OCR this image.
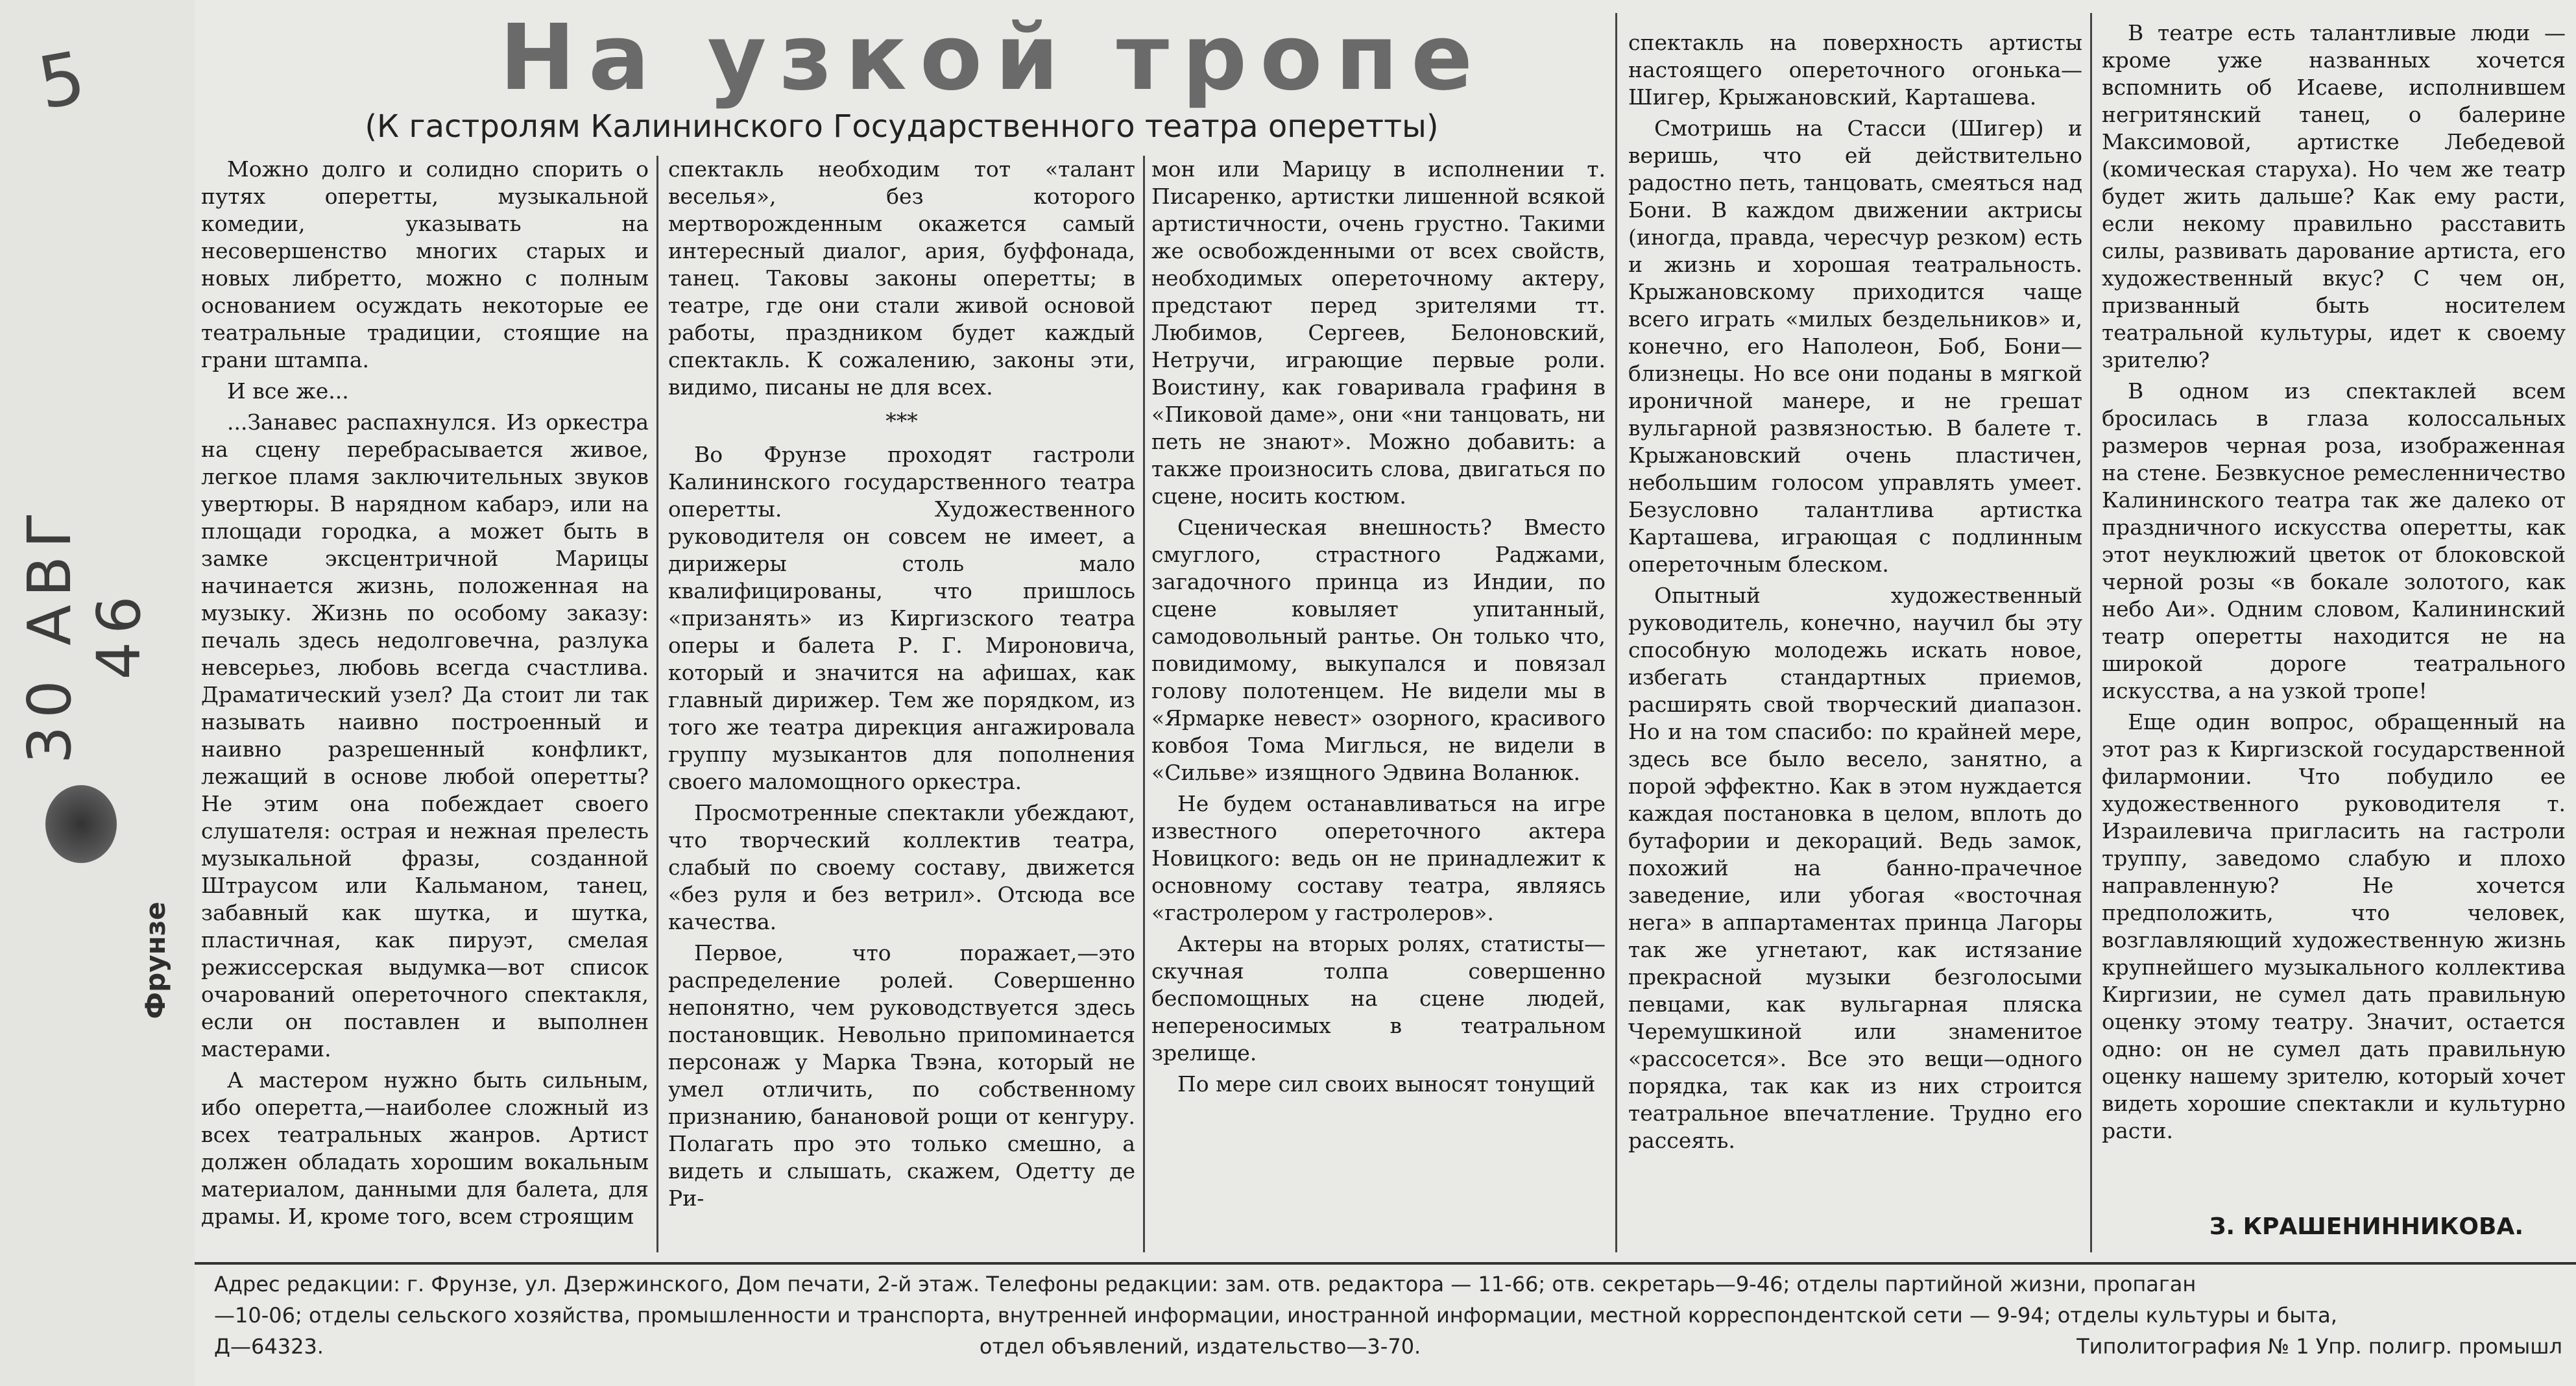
5
30 АВГ 46
Фрунзе
На узкой тропе
(К гастролям Калининского Государственного театра оперетты)

Можно долго и солидно спорить о путях оперетты, музыкальной комедии, указывать на несовершенство многих старых и новых либретто, можно с полным основанием осуждать некоторые ее театральные традиции, стоящие на грани штампа.

И все же...

...Занавес распахнулся. Из оркестра на сцену перебрасывается живое, легкое пламя заключительных звуков увертюры. В нарядном кабарэ, или на площади городка, а может быть в замке эксцентричной Марицы начинается жизнь, положенная на музыку. Жизнь по особому заказу: печаль здесь недолговечна, разлука невсерьез, любовь всегда счастлива. Драматический узел? Да стоит ли так называть наивно построенный и наивно разрешенный конфликт, лежащий в основе любой оперетты? Не этим она побеждает своего слушателя: острая и нежная прелесть музыкальной фразы, созданной Штраусом или Кальманом, танец, забавный как шутка, и шутка, пластичная, как пируэт, смелая режиссерская выдумка—вот список очарований опереточного спектакля, если он поставлен и выполнен мастерами.

А мастером нужно быть сильным, ибо оперетта,—наиболее сложный из всех театральных жанров. Артист должен обладать хорошим вокальным материалом, данными для балета, для драмы. И, кроме того, всем строящим

спектакль необходим тот «талант веселья», без которого мертворожденным окажется самый интересный диалог, ария, буффонада, танец. Таковы законы оперетты; в театре, где они стали живой основой работы, праздником будет каждый спектакль. К сожалению, законы эти, видимо, писаны не для всех.

***

Во Фрунзе проходят гастроли Калининского государственного театра оперетты. Художественного руководителя он совсем не имеет, а дирижеры столь мало квалифицированы, что пришлось «призанять» из Киргизского театра оперы и балета Р. Г. Мироновича, который и значится на афишах, как главный дирижер. Тем же порядком, из того же театра дирекция ангажировала группу музыкантов для пополнения своего маломощного оркестра.

Просмотренные спектакли убеждают, что творческий коллектив театра, слабый по своему составу, движется «без руля и без ветрил». Отсюда все качества.

Первое, что поражает,—это распределение ролей. Совершенно непонятно, чем руководствуется здесь постановщик. Невольно припоминается персонаж у Марка Твэна, который не умел отличить, по собственному признанию, банановой рощи от кенгуру. Полагать про это только смешно, а видеть и слышать, скажем, Одетту де Ри-

мон или Марицу в исполнении т. Писаренко, артистки лишенной всякой артистичности, очень грустно. Такими же освобожденными от всех свойств, необходимых опереточному актеру, предстают перед зрителями тт. Любимов, Сергеев, Белоновский, Нетручи, играющие первые роли. Воистину, как говаривала графиня в «Пиковой даме», они «ни танцовать, ни петь не знают». Можно добавить: а также произносить слова, двигаться по сцене, носить костюм.

Сценическая внешность? Вместо смуглого, страстного Раджами, загадочного принца из Индии, по сцене ковыляет упитанный, самодовольный рантье. Он только что, повидимому, выкупался и повязал голову полотенцем. Не видели мы в «Ярмарке невест» озорного, красивого ковбоя Тома Миглься, не видели в «Сильве» изящного Эдвина Воланюк.

Не будем останавливаться на игре известного опереточного актера Новицкого: ведь он не принадлежит к основному составу театра, являясь «гастролером у гастролеров».

Актеры на вторых ролях, статисты—скучная толпа совершенно беспомощных на сцене людей, непереносимых в театральном зрелище.

По мере сил своих выносят тонущий

спектакль на поверхность артисты настоящего опереточного огонька—Шигер, Крыжановский, Карташева.

Смотришь на Стасси (Шигер) и веришь, что ей действительно радостно петь, танцовать, смеяться над Бони. В каждом движении актрисы (иногда, правда, чересчур резком) есть и жизнь и хорошая театральность. Крыжановскому приходится чаще всего играть «милых бездельников» и, конечно, его Наполеон, Боб, Бони—близнецы. Но все они поданы в мягкой ироничной манере, и не грешат вульгарной развязностью. В балете т. Крыжановский очень пластичен, небольшим голосом управлять умеет. Безусловно талантлива артистка Карташева, играющая с подлинным опереточным блеском.

Опытный художественный руководитель, конечно, научил бы эту способную молодежь искать новое, избегать стандартных приемов, расширять свой творческий диапазон. Но и на том спасибо: по крайней мере, здесь все было весело, занятно, а порой эффектно. Как в этом нуждается каждая постановка в целом, вплоть до бутафории и декораций. Ведь замок, похожий на банно-прачечное заведение, или убогая «восточная нега» в аппартаментах принца Лагоры так же угнетают, как истязание прекрасной музыки безголосыми певцами, как вульгарная пляска Черемушкиной или знаменитое «рассосется». Все это вещи—одного порядка, так как из них строится театральное впечатление. Трудно его рассеять.

В театре есть талантливые люди — кроме уже названных хочется вспомнить об Исаеве, исполнившем негритянский танец, о балерине Максимовой, артистке Лебедевой (комическая старуха). Но чем же театр будет жить дальше? Как ему расти, если некому правильно расставить силы, развивать дарование артиста, его художественный вкус? С чем он, призванный быть носителем театральной культуры, идет к своему зрителю?

В одном из спектаклей всем бросилась в глаза колоссальных размеров черная роза, изображенная на стене. Безвкусное ремесленничество Калининского театра так же далеко от праздничного искусства оперетты, как этот неуклюжий цветок от блоковской черной розы «в бокале золотого, как небо Аи». Одним словом, Калининский театр оперетты находится не на широкой дороге театрального искусства, а на узкой тропе!

Еще один вопрос, обращенный на этот раз к Киргизской государственной филармонии. Что побудило ее художественного руководителя т. Израилевича пригласить на гастроли труппу, заведомо слабую и плохо направленную? Не хочется предположить, что человек, возглавляющий художественную жизнь крупнейшего музыкального коллектива Киргизии, не сумел дать правильную оценку этому театру. Значит, остается одно: он не сумел дать правильную оценку нашему зрителю, который хочет видеть хорошие спектакли и культурно расти.

З. КРАШЕНИННИКОВА.
Адрес редакции: г. Фрунзе, ул. Дзержинского, Дом печати, 2-й этаж. Телефоны редакции: зам. отв. редактора — 11-66; отв. секретарь—9-46; отделы партийной жизни, пропаган
—10-06; отделы сельского хозяйства, промышленности и транспорта, внутренней информации, иностранной информации, местной корреспондентской сети — 9-94; отделы культуры и быта,
Д—64323.	отдел объявлений, издательство—3-70.	Типолитография № 1 Упр. полигр. промышл
